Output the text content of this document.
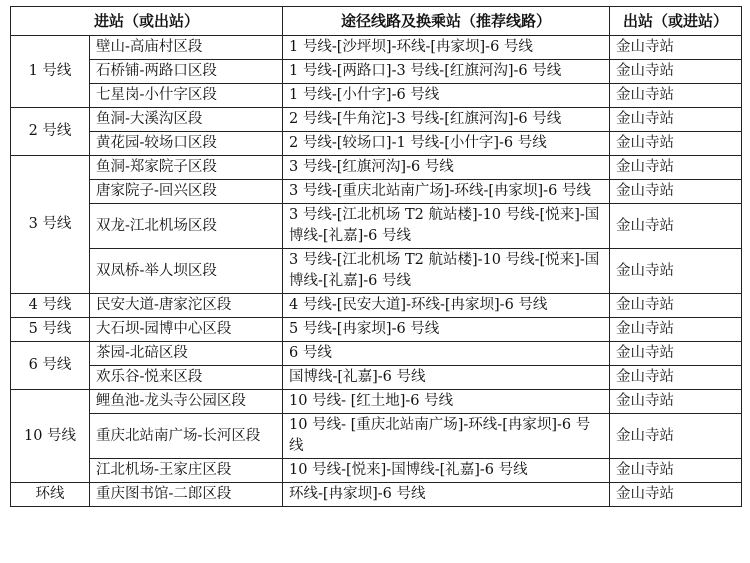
进站（或出站）		途径线路及换乘站（推荐线路）	出站（或进站）
1 号线	壁山-高庙村区段	1 号线-[沙坪坝]-环线-[冉家坝]-6 号线	金山寺站
	石桥铺-两路口区段	1 号线-[两路口]-3 号线-[红旗河沟]-6 号线	金山寺站
	七星岗-小什字区段	1 号线-[小什字]-6 号线	金山寺站
2 号线	鱼洞-大溪沟区段	2 号线-[牛角沱]-3 号线-[红旗河沟]-6 号线	金山寺站
	黄花园-较场口区段	2 号线-[较场口]-1 号线-[小什字]-6 号线	金山寺站
3 号线	鱼洞-郑家院子区段	3 号线-[红旗河沟]-6 号线	金山寺站
	唐家院子-回兴区段	3 号线-[重庆北站南广场]-环线-[冉家坝]-6 号线	金山寺站
	双龙-江北机场区段	3 号线-[江北机场 T2 航站楼]-10 号线-[悦来]-国博线-[礼嘉]-6 号线	金山寺站
	双凤桥-举人坝区段	3 号线-[江北机场 T2 航站楼]-10 号线-[悦来]-国博线-[礼嘉]-6 号线	金山寺站
4 号线	民安大道-唐家沱区段	4 号线-[民安大道]-环线-[冉家坝]-6 号线	金山寺站
5 号线	大石坝-园博中心区段	5 号线-[冉家坝]-6 号线	金山寺站
6 号线	茶园-北碚区段	6 号线	金山寺站
	欢乐谷-悦来区段	国博线-[礼嘉]-6 号线	金山寺站
10 号线	鲤鱼池-龙头寺公园区段	10 号线- [红土地]-6 号线	金山寺站
	重庆北站南广场-长河区段	10 号线- [重庆北站南广场]-环线-[冉家坝]-6 号线	金山寺站
	江北机场-王家庄区段	10 号线-[悦来]-国博线-[礼嘉]-6 号线	金山寺站
环线	重庆图书馆-二郎区段	环线-[冉家坝]-6 号线	金山寺站
